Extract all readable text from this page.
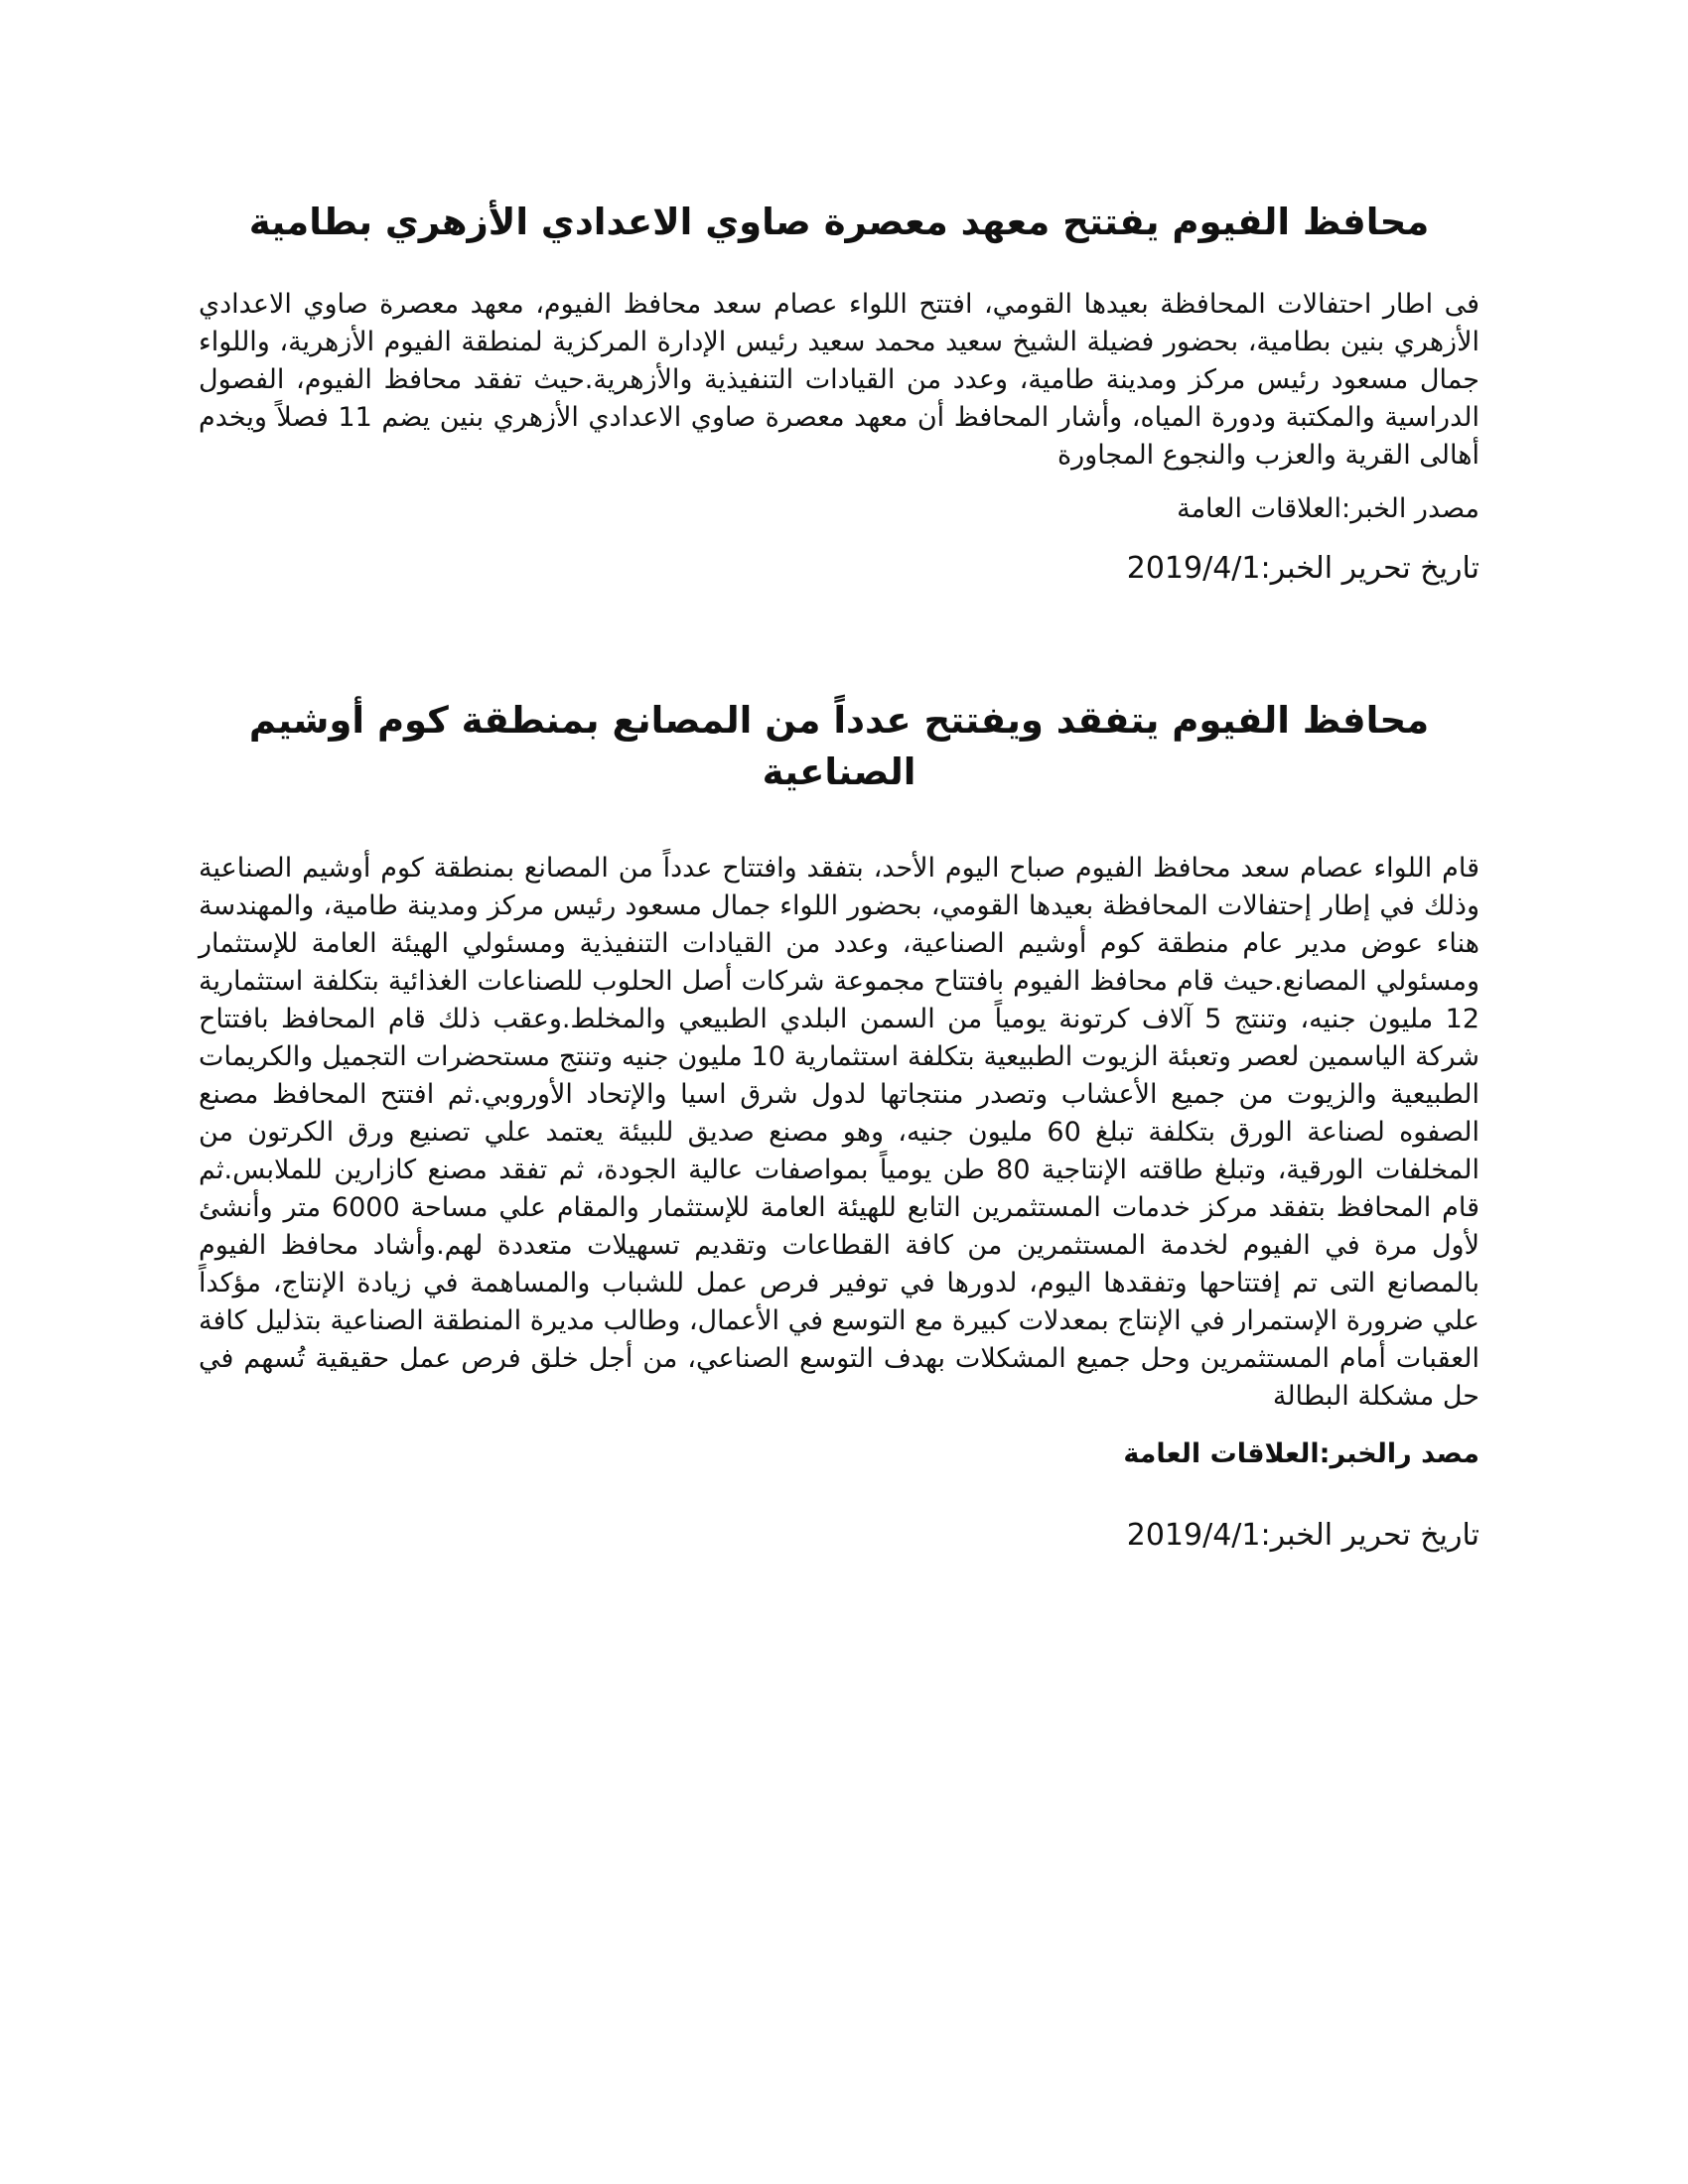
محافظ الفيوم يفتتح معهد معصرة صاوي الاعدادي الأزهري بطامية

فى اطار احتفالات المحافظة بعيدها القومي، افتتح اللواء عصام سعد محافظ الفيوم، معهد معصرة صاوي الاعدادي الأزهري بنين بطامية، بحضور فضيلة الشيخ سعيد محمد سعيد رئيس الإدارة المركزية لمنطقة الفيوم الأزهرية، واللواء جمال مسعود رئيس مركز ومدينة طامية، وعدد من القيادات التنفيذية والأزهرية.حيث تفقد محافظ الفيوم، الفصول الدراسية والمكتبة ودورة المياه، وأشار المحافظ أن معهد معصرة صاوي الاعدادي الأزهري بنين يضم 11 فصلاً ويخدم أهالى القرية والعزب والنجوع المجاورة

مصدر الخبر:العلاقات العامة

تاريخ تحرير الخبر:2019/4/1

محافظ الفيوم يتفقد ويفتتح عدداً من المصانع بمنطقة كوم أوشيم الصناعية

قام اللواء عصام سعد محافظ الفيوم صباح اليوم الأحد، بتفقد وافتتاح عدداً من المصانع بمنطقة كوم أوشيم الصناعية وذلك في إطار إحتفالات المحافظة بعيدها القومي، بحضور اللواء جمال مسعود رئيس مركز ومدينة طامية، والمهندسة هناء عوض مدير عام منطقة كوم أوشيم الصناعية، وعدد من القيادات التنفيذية ومسئولي الهيئة العامة للإستثمار ومسئولي المصانع.حيث قام محافظ الفيوم بافتتاح مجموعة شركات أصل الحلوب للصناعات الغذائية بتكلفة استثمارية 12 مليون جنيه، وتنتج 5 آلاف كرتونة يومياً من السمن البلدي الطبيعي والمخلط.وعقب ذلك قام المحافظ بافتتاح شركة الياسمين لعصر وتعبئة الزيوت الطبيعية بتكلفة استثمارية 10 مليون جنيه وتنتج مستحضرات التجميل والكريمات الطبيعية والزيوت من جميع الأعشاب وتصدر منتجاتها لدول شرق اسيا والإتحاد الأوروبي.ثم افتتح المحافظ مصنع الصفوه لصناعة الورق بتكلفة تبلغ 60 مليون جنيه، وهو مصنع صديق للبيئة يعتمد علي تصنيع ورق الكرتون من المخلفات الورقية، وتبلغ طاقته الإنتاجية 80 طن يومياً بمواصفات عالية الجودة، ثم تفقد مصنع كازارين للملابس.ثم قام المحافظ بتفقد مركز خدمات المستثمرين التابع للهيئة العامة للإستثمار والمقام علي مساحة 6000 متر وأنشئ لأول مرة في الفيوم لخدمة المستثمرين من كافة القطاعات وتقديم تسهيلات متعددة لهم.وأشاد محافظ الفيوم بالمصانع التى تم إفتتاحها وتفقدها اليوم، لدورها في توفير فرص عمل للشباب والمساهمة في زيادة الإنتاج، مؤكداً علي ضرورة الإستمرار في الإنتاج بمعدلات كبيرة مع التوسع في الأعمال، وطالب مديرة المنطقة الصناعية بتذليل كافة العقبات أمام المستثمرين وحل جميع المشكلات بهدف التوسع الصناعي، من أجل خلق فرص عمل حقيقية تُسهم في حل مشكلة البطالة

مصد رالخبر:العلاقات العامة

تاريخ تحرير الخبر:2019/4/1
